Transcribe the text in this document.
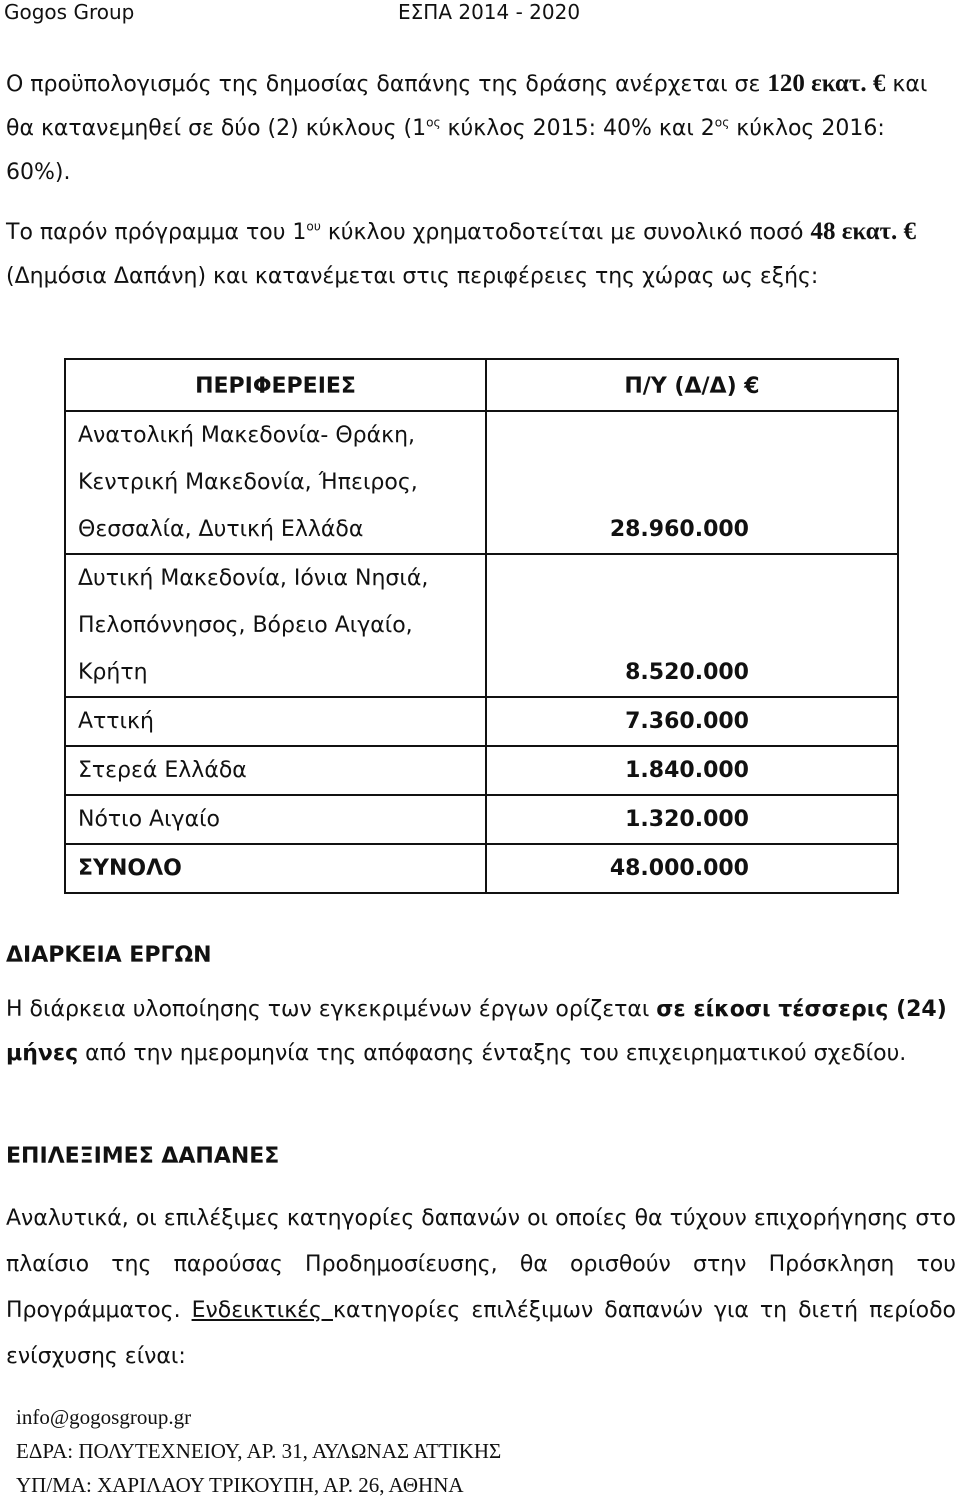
Gogos Group	ΕΣΠΑ 2014 - 2020
Ο προϋπολογισμός της δημοσίας δαπάνης της δράσης ανέρχεται σε 120 εκατ. € και θα κατανεμηθεί σε δύο (2) κύκλους ($1^{o\varsigma}$ κύκλος 2015: 40% και $2^{o\varsigma}$ κύκλος 2016: 60%).
Το παρόν πρόγραμμα του $1^{o\upsilon}$ κύκλου χρηματοδοτείται με συνολικό ποσό 48 εκατ. € (Δημόσια Δαπάνη) και κατανέμεται στις περιφέρειες της χώρας ως εξής:
ΠΕΡΙΦΕΡΕΙΕΣ	Π/Υ (Δ/Δ) €

Ανατολική Μακεδονία- Θράκη,
Κεντρική Μακεδονία, Ήπειρος,
Θεσσαλία, Δυτική Ελλάδα	28.960.000

Δυτική Μακεδονία, Ιόνια Νησιά,
Πελοπόννησος, Βόρειο Αιγαίο,
Κρήτη	8.520.000
Αττική	7.360.000
Στερεά Ελλάδα	1.840.000
Νότιο Αιγαίο	1.320.000
ΣΥΝΟΛΟ	48.000.000
ΔΙΑΡΚΕΙΑ ΕΡΓΩΝ
Η διάρκεια υλοποίησης των εγκεκριμένων έργων ορίζεται σε είκοσι τέσσερις (24) μήνες από την ημερομηνία της απόφασης ένταξης του επιχειρηματικού σχεδίου.
ΕΠΙΛΕΞΙΜΕΣ ΔΑΠΑΝΕΣ
Αναλυτικά, οι επιλέξιμες κατηγορίες δαπανών οι οποίες θα τύχουν επιχορήγησης στο πλαίσιο της παρούσας Προδημοσίευσης, θα ορισθούν στην Πρόσκληση του Προγράμματος. Ενδεικτικές κατηγορίες επιλέξιμων δαπανών για τη διετή περίοδο ενίσχυσης είναι:
info@gogosgroup.gr
ΕΔΡΑ: ΠΟΛΥΤΕΧΝΕΙΟΥ, ΑΡ. 31, ΑΥΛΩΝΑΣ ΑΤΤΙΚΗΣ
ΥΠ/ΜΑ: ΧΑΡΙΛΑΟΥ ΤΡΙΚΟΥΠΗ, ΑΡ. 26, ΑΘΗΝΑ
